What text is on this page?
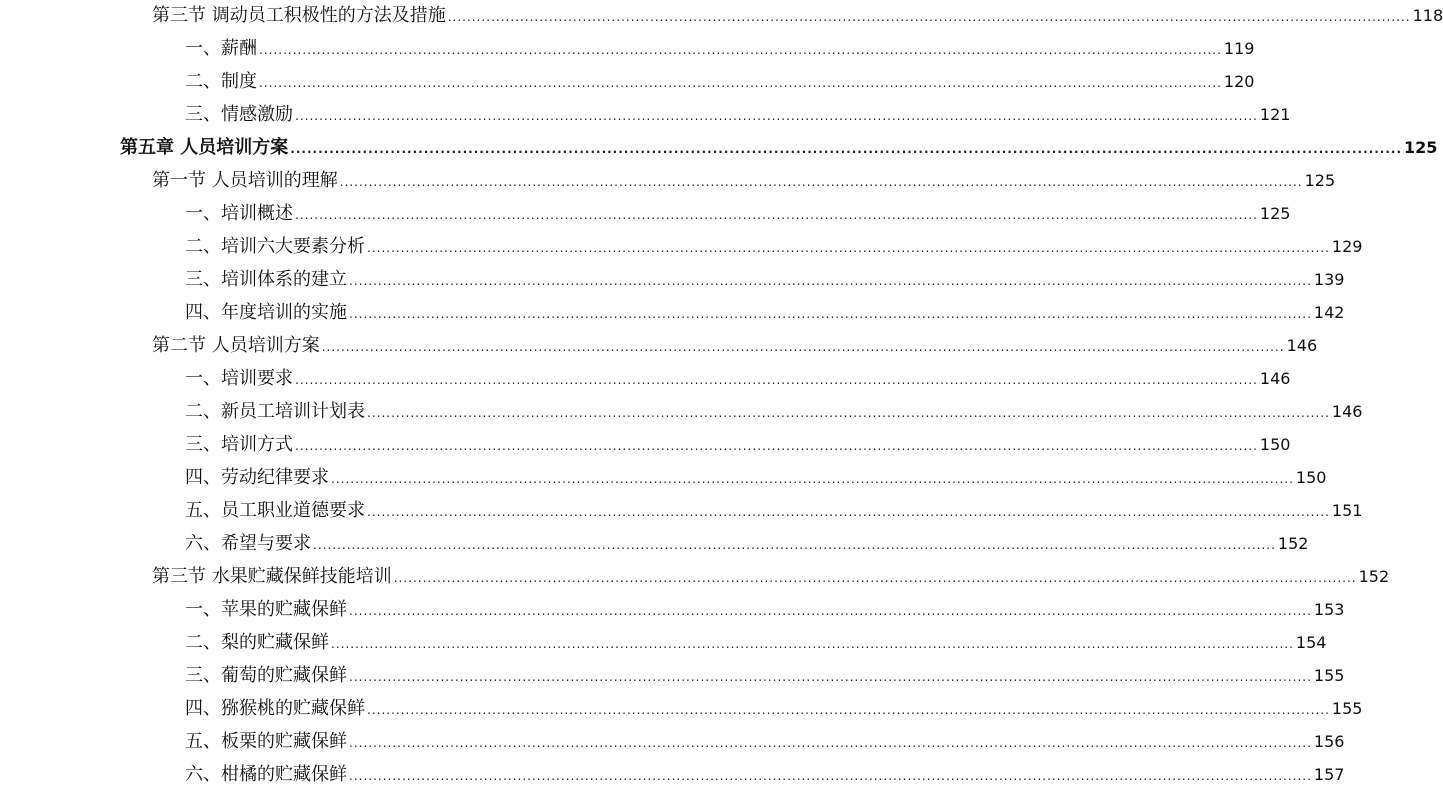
第三节 调动员工积极性的方法及措施 ........................................................................................................................................................................................................ 118
一、薪酬 ........................................................................................................................................................................................................ 119
二、制度 ........................................................................................................................................................................................................ 120
三、情感激励 ........................................................................................................................................................................................................ 121
第五章 人员培训方案 ........................................................................................................................................................................................................ 125
第一节 人员培训的理解 ........................................................................................................................................................................................................ 125
一、培训概述 ........................................................................................................................................................................................................ 125
二、培训六大要素分析 ........................................................................................................................................................................................................ 129
三、培训体系的建立 ........................................................................................................................................................................................................ 139
四、年度培训的实施 ........................................................................................................................................................................................................ 142
第二节 人员培训方案 ........................................................................................................................................................................................................ 146
一、培训要求 ........................................................................................................................................................................................................ 146
二、新员工培训计划表 ........................................................................................................................................................................................................ 146
三、培训方式 ........................................................................................................................................................................................................ 150
四、劳动纪律要求 ........................................................................................................................................................................................................ 150
五、员工职业道德要求 ........................................................................................................................................................................................................ 151
六、希望与要求 ........................................................................................................................................................................................................ 152
第三节 水果贮藏保鲜技能培训 ........................................................................................................................................................................................................ 152
一、苹果的贮藏保鲜 ........................................................................................................................................................................................................ 153
二、梨的贮藏保鲜 ........................................................................................................................................................................................................ 154
三、葡萄的贮藏保鲜 ........................................................................................................................................................................................................ 155
四、猕猴桃的贮藏保鲜 ........................................................................................................................................................................................................ 155
五、板栗的贮藏保鲜 ........................................................................................................................................................................................................ 156
六、柑橘的贮藏保鲜 ........................................................................................................................................................................................................ 157
